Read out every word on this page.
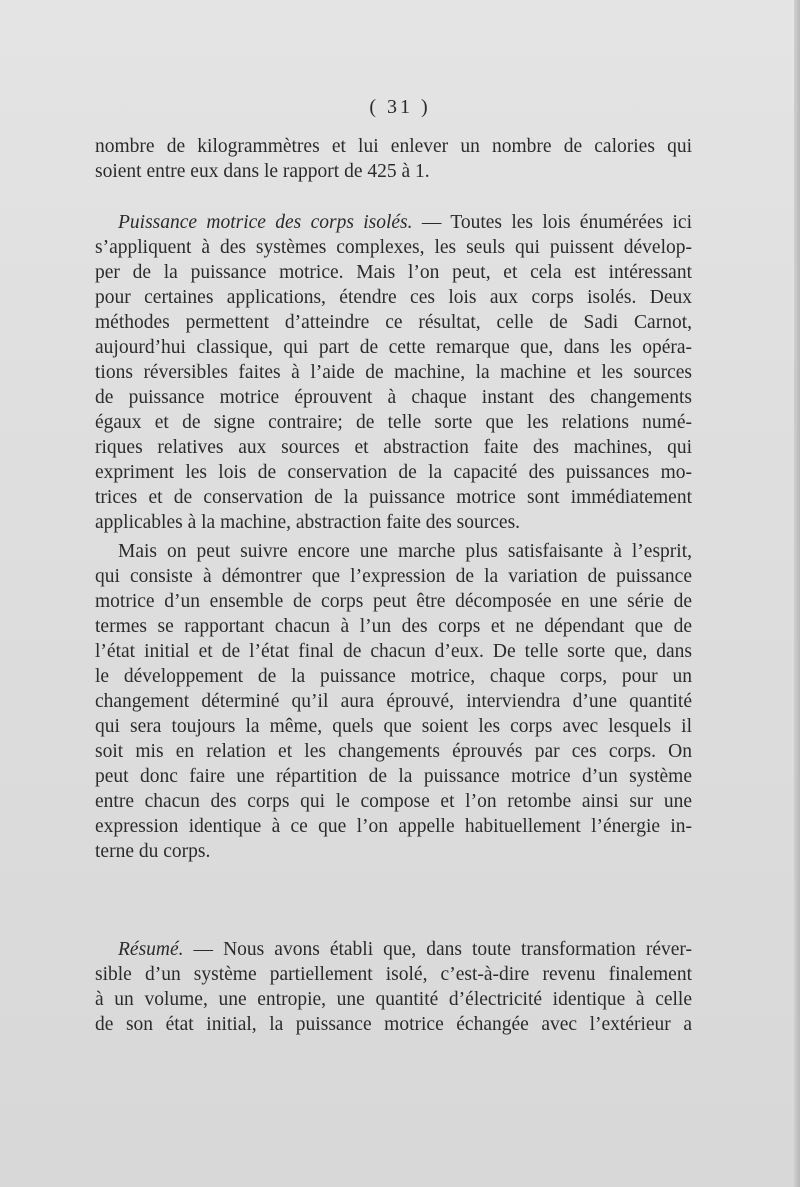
( 31 )
nombre de kilogrammètres et lui enlever un nombre de calories qui
soient entre eux dans le rapport de 425 à 1.
Puissance motrice des corps isolés. — Toutes les lois énumérées ici
s’appliquent à des systèmes complexes, les seuls qui puissent dévelop-
per de la puissance motrice. Mais l’on peut, et cela est intéressant
pour certaines applications, étendre ces lois aux corps isolés. Deux
méthodes permettent d’atteindre ce résultat, celle de Sadi Carnot,
aujourd’hui classique, qui part de cette remarque que, dans les opéra-
tions réversibles faites à l’aide de machine, la machine et les sources
de puissance motrice éprouvent à chaque instant des changements
égaux et de signe contraire; de telle sorte que les relations numé-
riques relatives aux sources et abstraction faite des machines, qui
expriment les lois de conservation de la capacité des puissances mo-
trices et de conservation de la puissance motrice sont immédiatement
applicables à la machine, abstraction faite des sources.
Mais on peut suivre encore une marche plus satisfaisante à l’esprit,
qui consiste à démontrer que l’expression de la variation de puissance
motrice d’un ensemble de corps peut être décomposée en une série de
termes se rapportant chacun à l’un des corps et ne dépendant que de
l’état initial et de l’état final de chacun d’eux. De telle sorte que, dans
le développement de la puissance motrice, chaque corps, pour un
changement déterminé qu’il aura éprouvé, interviendra d’une quantité
qui sera toujours la même, quels que soient les corps avec lesquels il
soit mis en relation et les changements éprouvés par ces corps. On
peut donc faire une répartition de la puissance motrice d’un système
entre chacun des corps qui le compose et l’on retombe ainsi sur une
expression identique à ce que l’on appelle habituellement l’énergie in-
terne du corps.
Résumé. — Nous avons établi que, dans toute transformation réver-
sible d’un système partiellement isolé, c’est-à-dire revenu finalement
à un volume, une entropie, une quantité d’électricité identique à celle
de son état initial, la puissance motrice échangée avec l’extérieur a
